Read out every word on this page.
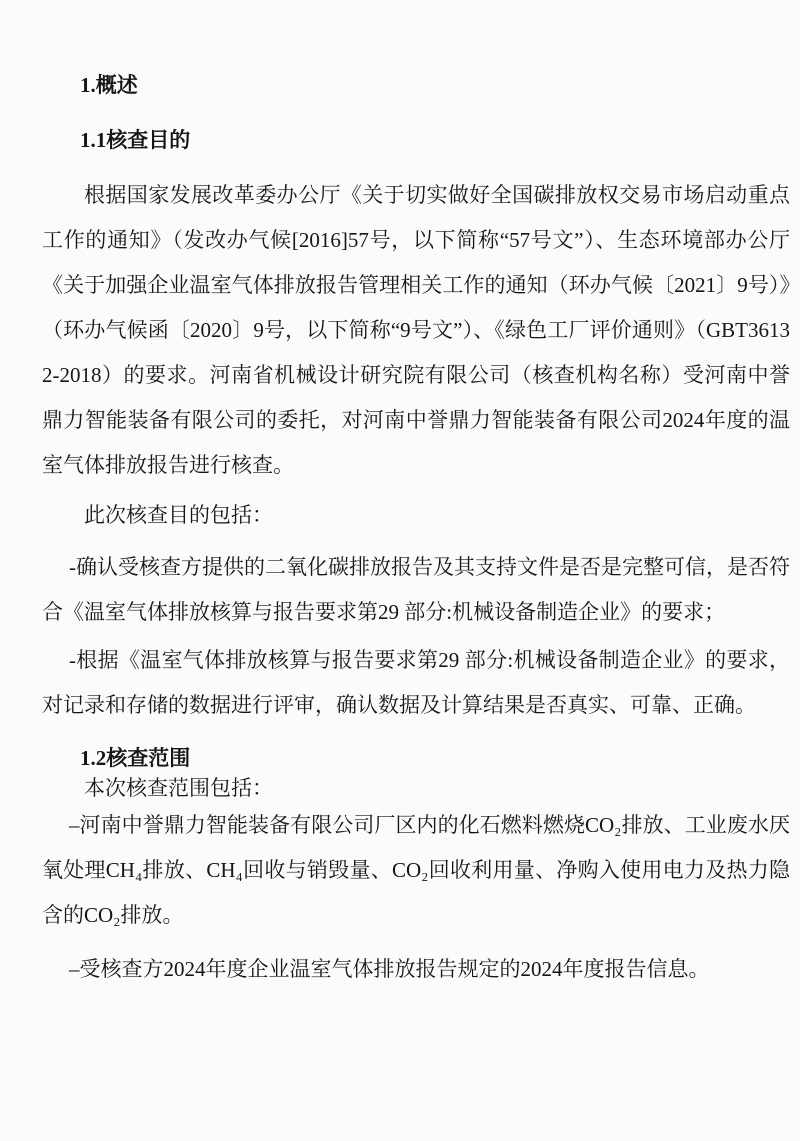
1.概述
1.1核查目的

根据国家发展改革委办公厅《关于切实做好全国碳排放权交易市场启动重点工作的通知》（发改办气候[2016]57号，以下简称“57号文”）、生态环境部办公厅《关于加强企业温室气体排放报告管理相关工作的通知（环办气候〔2021〕9号）》（环办气候函〔2020〕9号，以下简称“9号文”）、《绿色工厂评价通则》（GBT36132-2018）的要求。河南省机械设计研究院有限公司（核查机构名称）受河南中誉鼎力智能装备有限公司的委托，对河南中誉鼎力智能装备有限公司2024年度的温室气体排放报告进行核查。

此次核查目的包括：

-确认受核查方提供的二氧化碳排放报告及其支持文件是否是完整可信，是否符合《温室气体排放核算与报告要求第29 部分:机械设备制造企业》的要求；

-根据《温室气体排放核算与报告要求第29 部分:机械设备制造企业》的要求，对记录和存储的数据进行评审，确认数据及计算结果是否真实、可靠、正确。

1.2核查范围

本次核查范围包括：

–河南中誉鼎力智能装备有限公司厂区内的化石燃料燃烧CO₂排放、工业废水厌氧处理CH₄排放、CH₄回收与销毁量、CO₂回收利用量、净购入使用电力及热力隐含的CO₂排放。

–受核查方2024年度企业温室气体排放报告规定的2024年度报告信息。
